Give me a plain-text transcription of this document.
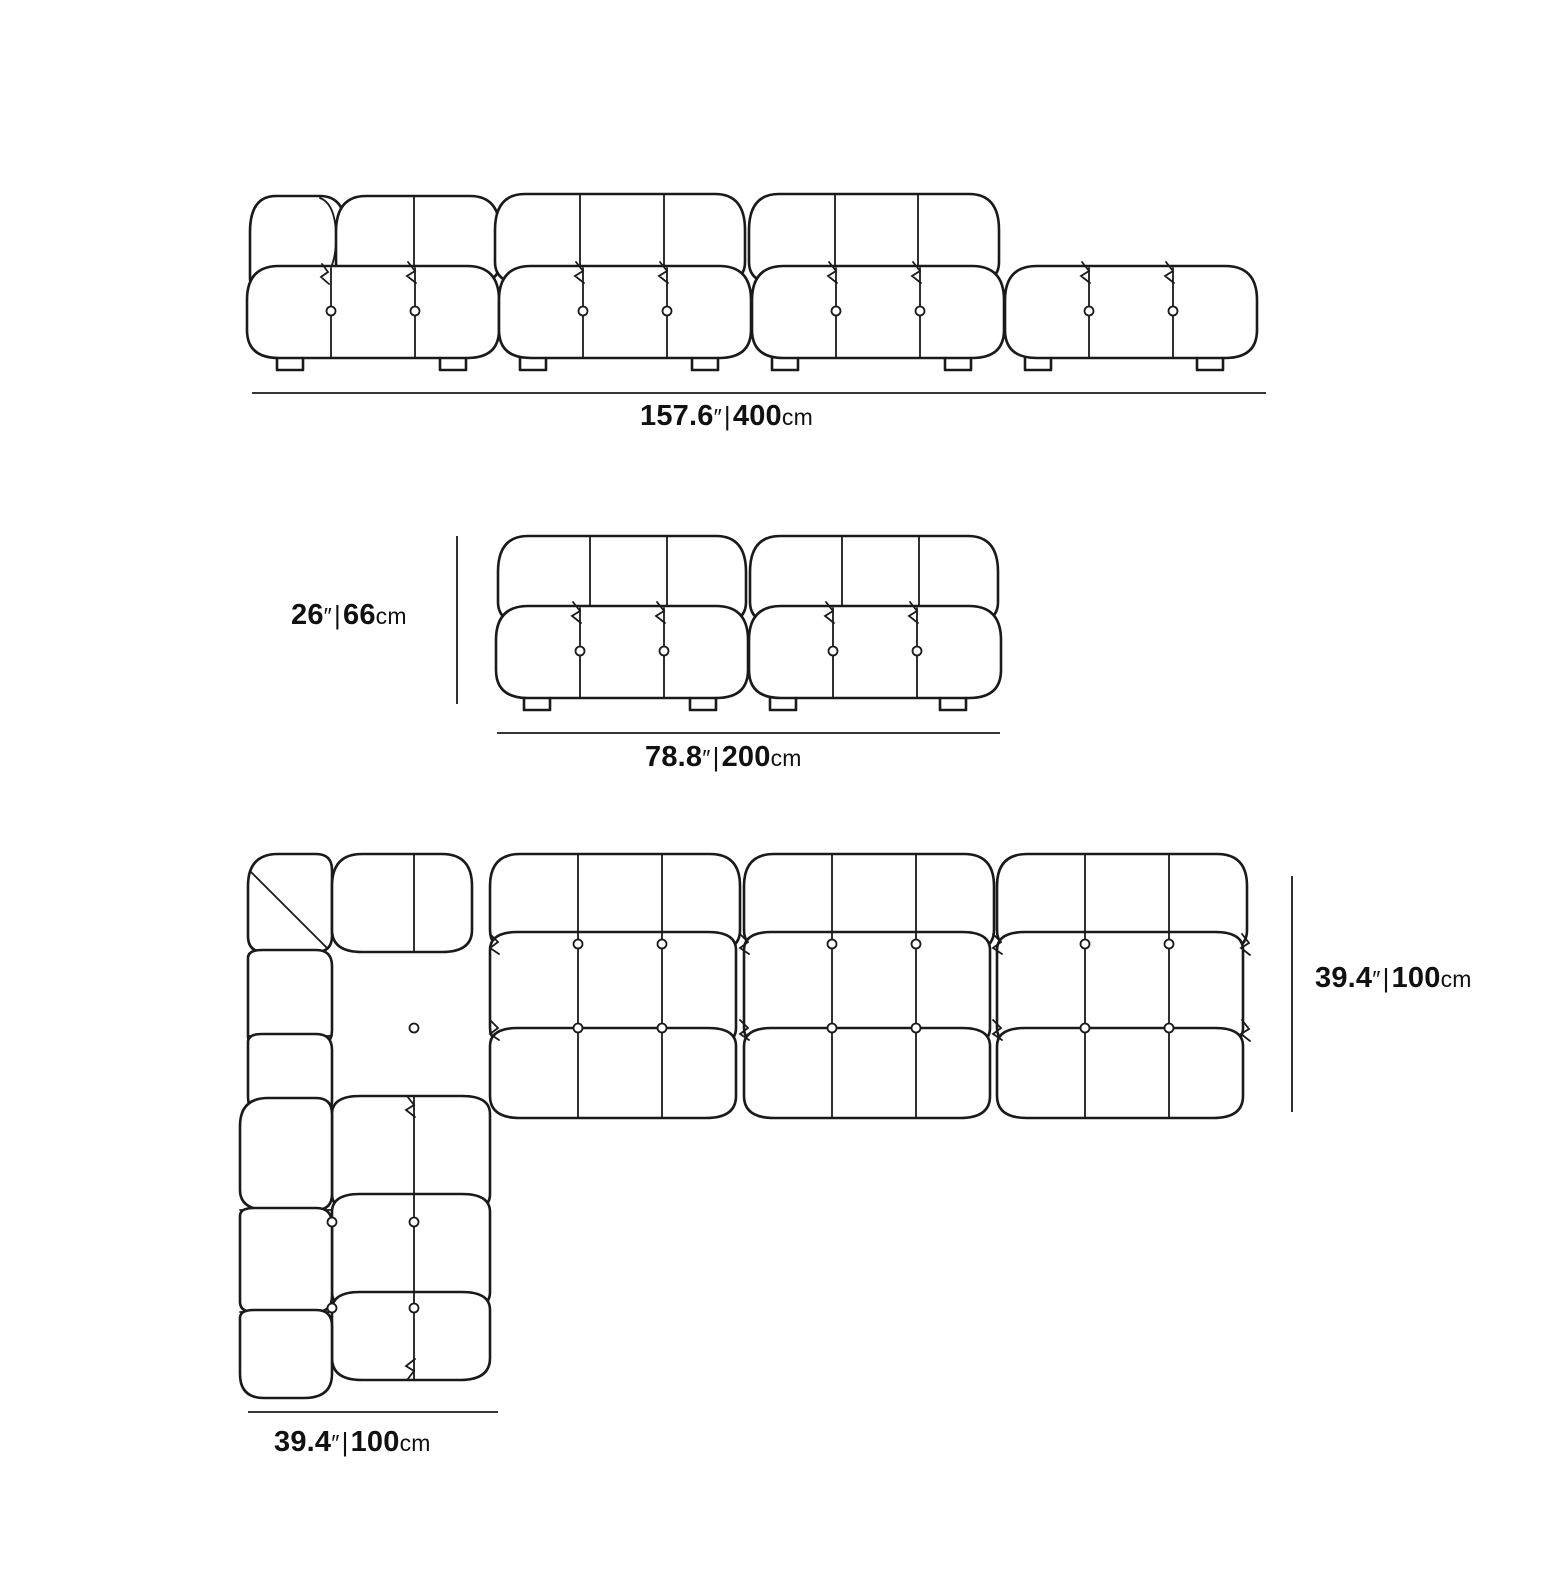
157.6″|400cm
26″|66cm
78.8″|200cm
39.4″|100cm
39.4″|100cm
